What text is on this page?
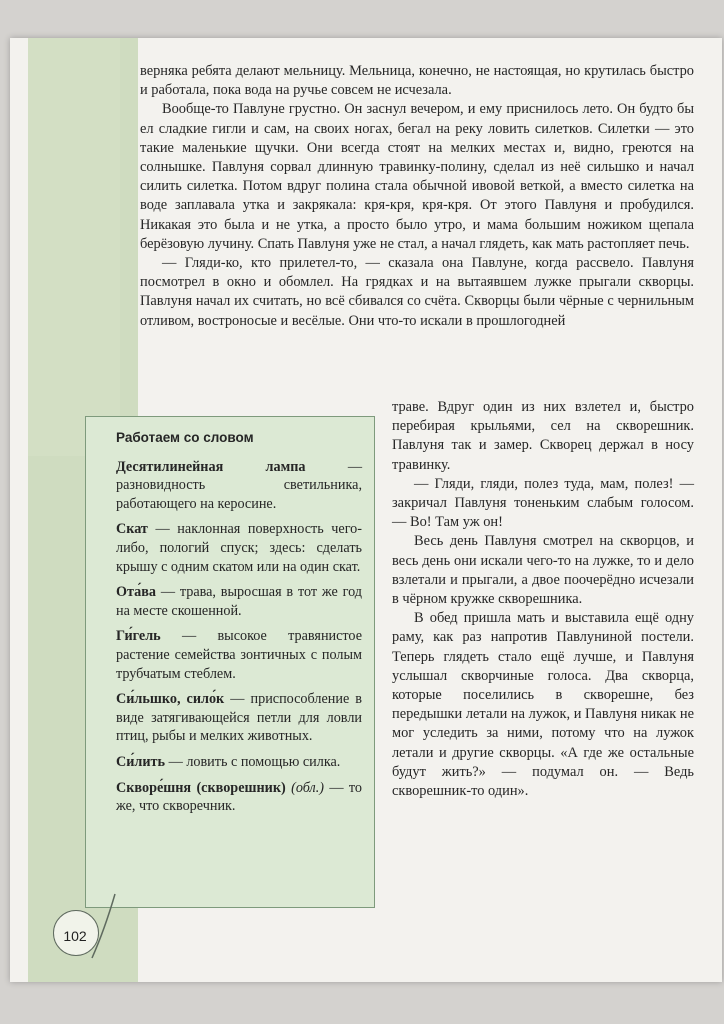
верняка ребята делают мельницу. Мельница, конечно, не настоящая, но крутилась быстро и работала, пока вода на ручье совсем не исчезала.

Вообще-то Павлуне грустно. Он заснул вечером, и ему приснилось лето. Он будто бы ел сладкие гигли и сам, на своих ногах, бегал на реку ловить силетков. Силетки — это такие маленькие щучки. Они всегда стоят на мелких местах и, видно, греются на солнышке. Павлуня сорвал длинную травинку-полину, сделал из неё сильшко и начал силить силетка. Потом вдруг полина стала обычной ивовой веткой, а вместо силетка на воде заплавала утка и закрякала: кря-кря, кря-кря. От этого Павлуня и пробудился. Никакая это была и не утка, а просто было утро, и мама большим ножиком щепала берёзовую лучину. Спать Павлуня уже не стал, а начал глядеть, как мать растопляет печь.

— Гляди-ко, кто прилетел-то, — сказала она Павлуне, когда рассвело. Павлуня посмотрел в окно и обомлел. На грядках и на вытаявшем лужке прыгали скворцы. Павлуня начал их считать, но всё сбивался со счёта. Скворцы были чёрные с чернильным отливом, востроносые и весёлые. Они что-то искали в прошлогодней

Работаем со словом

Десятилинейная лампа — разновидность светильника, работающего на керосине.

Скат — наклонная поверхность чего-либо, пологий спуск; здесь: сделать крышу с одним скатом или на один скат.

Ота́ва — трава, выросшая в тот же год на месте скошенной.

Ги́гель — высокое травянистое растение семейства зонтичных с полым трубчатым стеблем.

Си́льшко, сило́к — приспособление в виде затягивающейся петли для ловли птиц, рыбы и мелких животных.

Си́лить — ловить с помощью силка.

Скворе́шня (скворешник) (обл.) — то же, что скворечник.

траве. Вдруг один из них взлетел и, быстро перебирая крыльями, сел на скворешник. Павлуня так и замер. Скворец держал в носу травинку.

— Гляди, гляди, полез туда, мам, полез! — закричал Павлуня тоненьким слабым голосом. — Во! Там уж он!

Весь день Павлуня смотрел на скворцов, и весь день они искали чего-то на лужке, то и дело взлетали и прыгали, а двое поочерёдно исчезали в чёрном кружке скворешника.

В обед пришла мать и выставила ещё одну раму, как раз напротив Павлуниной постели. Теперь глядеть стало ещё лучше, и Павлуня услышал скворчиные голоса. Два скворца, которые поселились в скворешне, без передышки летали на лужок, и Павлуня никак не мог уследить за ними, потому что на лужок летали и другие скворцы. «А где же остальные будут жить?» — подумал он. — Ведь скворешник-то один».

102
